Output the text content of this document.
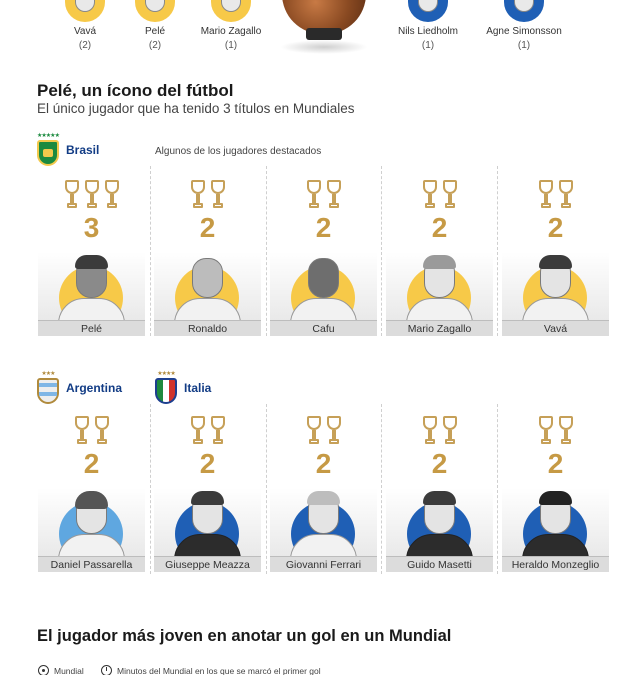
Vavá
(2)
Pelé
(2)
Mario Zagallo
(1)
Nils Liedholm
(1)
Agne Simonsson
(1)
Pelé, un ícono del fútbol
El único jugador que ha tenido 3 títulos en Mundiales
★★★★★
Brasil	Algunos de los jugadores destacados
3
Pelé
2
Ronaldo
2
Cafu
2
Mario Zagallo
2
Vavá
★★★
Argentina
★★★★
Italia
2
Daniel Passarella
2
Giuseppe Meazza
2
Giovanni Ferrari
2
Guido Masetti
2
Heraldo Monzeglio
El jugador más joven en anotar un gol en un Mundial
Mundial	Minutos del Mundial en los que se marcó el primer gol
